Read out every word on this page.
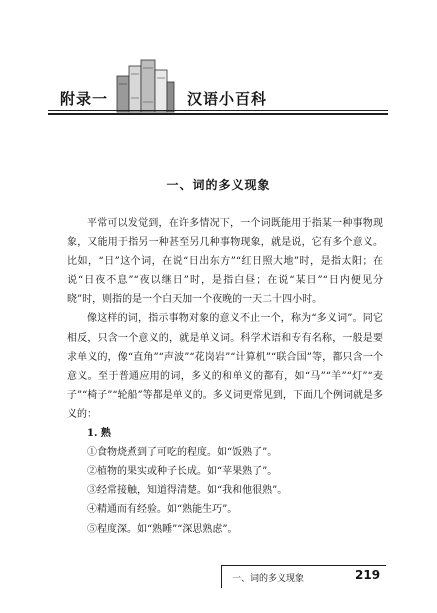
附录一	汉语小百科
一、词的多义现象

平常可以发觉到，在许多情况下，一个词既能用于指某一种事物现象，又能用于指另一种甚至另几种事物现象，就是说，它有多个意义。比如，“日”这个词，在说“日出东方”“红日照大地”时，是指太阳；在说“日夜不息”“夜以继日”时，是指白昼；在说“某日”“日内便见分晓”时，则指的是一个白天加一个夜晚的一天二十四小时。

像这样的词，指示事物对象的意义不止一个，称为“多义词”。同它相反，只含一个意义的，就是单义词。科学术语和专有名称，一般是要求单义的，像“直角”“声波”“花岗岩”“计算机”“联合国”等，都只含一个意义。至于普通应用的词，多义的和单义的都有，如“马”“羊”“灯”“麦子”“椅子”“轮船”等都是单义的。多义词更常见到，下面几个例词就是多义的：

1. 熟

①食物烧煮到了可吃的程度。如“饭熟了”。

②植物的果实或种子长成。如“苹果熟了”。

③经常接触，知道得清楚。如“我和他很熟”。

④精通而有经验。如“熟能生巧”。

⑤程度深。如“熟睡”“深思熟虑”。

一、词的多义现象	219
